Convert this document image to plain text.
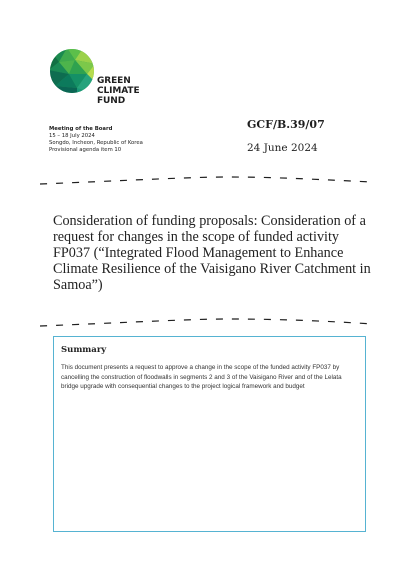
GREEN
CLIMATE
FUND
Meeting of the Board
15 – 18 July 2024
Songdo, Incheon, Republic of Korea
Provisional agenda item 10
GCF/B.39/07
24 June 2024
Consideration of funding proposals: Consideration of a request for changes in the scope of funded activity FP037 (“Integrated Flood Management to Enhance Climate Resilience of the Vaisigano River Catchment in Samoa”)
Summary
This document presents a request to approve a change in the scope of the funded activity FP037 by cancelling the construction of floodwalls in segments 2 and 3 of the Vaisigano River and of the Lelata bridge upgrade with consequential changes to the project logical framework and budget
